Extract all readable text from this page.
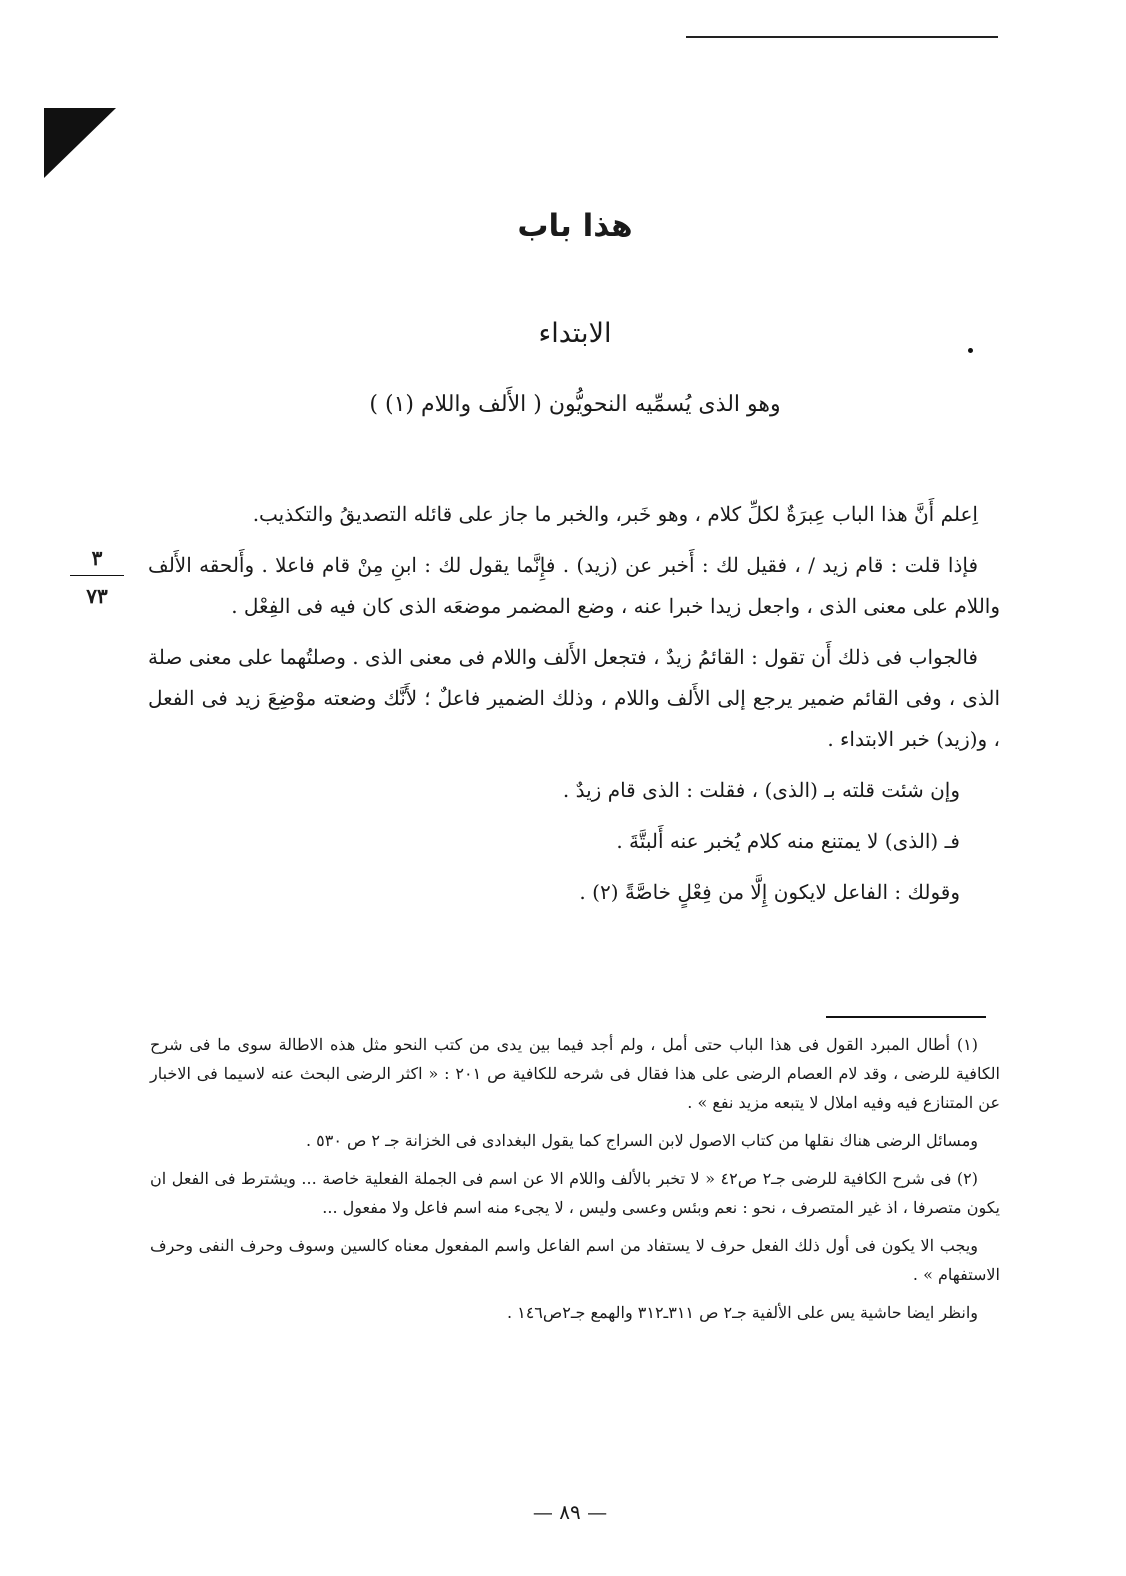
هذا باب
الابتداء
وهو الذى يُسمِّيه النحويُّون ( الأَلف واللام (١) )
٣
٧٣

اِعلم أَنَّ هذا الباب عِبرَةٌ لكلِّ كلام ، وهو خَبر، والخبر ما جاز على قائله التصديقُ والتكذيب.

فإذا قلت : قام زيد / ، فقيل لك : أَخبر عن (زيد) . فإِنَّما يقول لك : ابنِ مِنْ قام فاعلا . وأَلحقه الأَلف واللام على معنى الذى ، واجعل زيدا خبرا عنه ، وضع المضمر موضعَه الذى كان فيه فى الفِعْل .

فالجواب فى ذلك أَن تقول : القائمُ زيدٌ ، فتجعل الأَلف واللام فى معنى الذى . وصلتُهما على معنى صلة الذى ، وفى القائم ضمير يرجع إلى الأَلف واللام ، وذلك الضمير فاعلٌ ؛ لأَنَّك وضعته موْضِعَ زيد فى الفعل ، و(زيد) خبر الابتداء .

وإن شئت قلته بـ (الذى) ، فقلت : الذى قام زيدٌ .

فـ (الذى) لا يمتنع منه كلام يُخبر عنه أَلبتَّةَ .

وقولك : الفاعل لايكون إِلَّا من فِعْلٍ خاصَّةً (٢) .

(١) أطال المبرد القول فى هذا الباب حتى أمل ، ولم أجد فيما بين يدى من كتب النحو مثل هذه الاطالة سوى ما فى شرح الكافية للرضى ، وقد لام العصام الرضى على هذا فقال فى شرحه للكافية ص ٢٠١ : « اكثر الرضى البحث عنه لاسيما فى الاخبار عن المتنازع فيه وفيه املال لا يتبعه مزيد نفع » .

ومسائل الرضى هناك نقلها من كتاب الاصول لابن السراج كما يقول البغدادى فى الخزانة جـ ٢ ص ٥٣٠ .

(٢) فى شرح الكافية للرضى جـ٢ ص٤٢ « لا تخبر بالألف واللام الا عن اسم فى الجملة الفعلية خاصة ... ويشترط فى الفعل ان يكون متصرفا ، اذ غير المتصرف ، نحو : نعم وبئس وعسى وليس ، لا يجىء منه اسم فاعل ولا مفعول ...

ويجب الا يكون فى أول ذلك الفعل حرف لا يستفاد من اسم الفاعل واسم المفعول معناه كالسين وسوف وحرف النفى وحرف الاستفهام » .

وانظر ايضا حاشية يس على الألفية جـ٢ ص ٣١١ـ٣١٢ والهمع جـ٢ص١٤٦ .

— ٨٩ —
